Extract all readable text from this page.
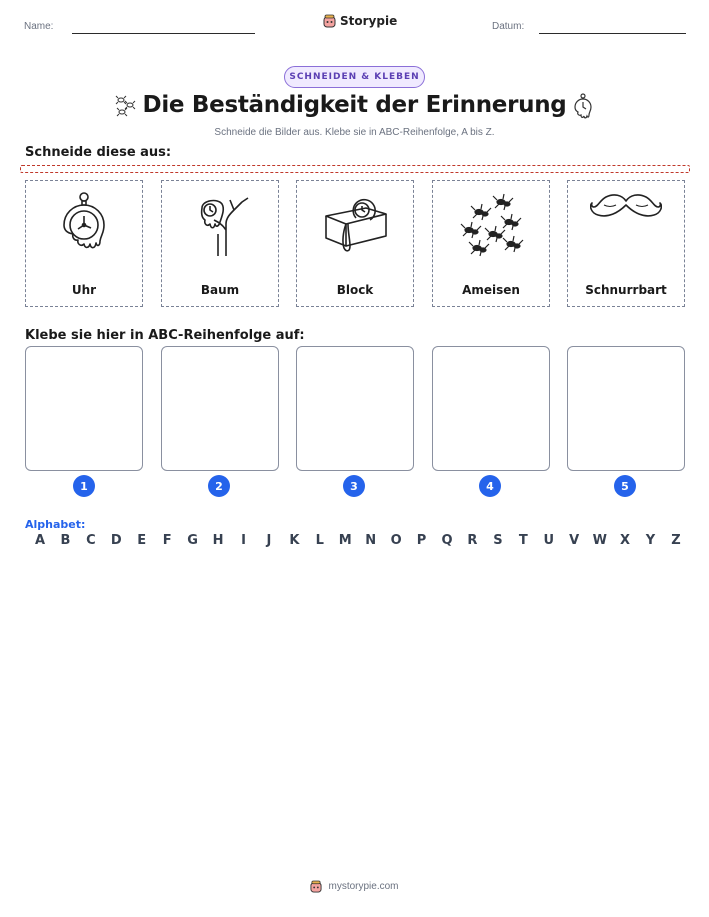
Name:	Storypie	Datum:
SCHNEIDEN & KLEBEN
Die Beständigkeit der Erinnerung
Schneide die Bilder aus. Klebe sie in ABC-Reihenfolge, A bis Z.
Schneide diese aus:
Uhr	Baum	Block	Ameisen	Schnurrbart
Klebe sie hier in ABC-Reihenfolge auf:
1	2	3	4	5
Alphabet:
A B C D E F G H	I	J	K L M N O P Q R S T U V W X Y Z
mystorypie.com
